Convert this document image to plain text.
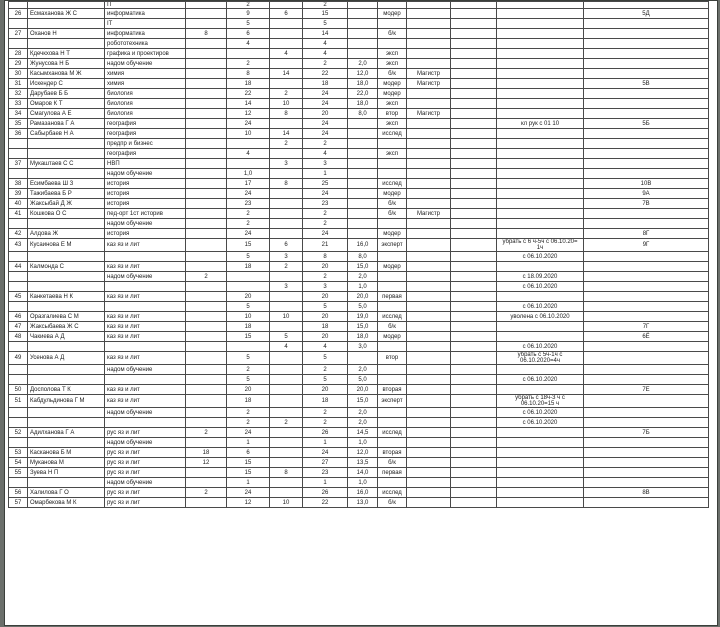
		IT		2		2						
26	Есмаханова Ж С	информатика		9	6	15		модер				5Д
		IT		5		5						
27	Оханов Н	информатика	8	6		14		б/к				
		робототехника		4		4						
28	Кдечкхова Н Т	графика и проектиров			4	4		эксп				
29	Жунусова Н Б	надом обучение		2		2	2,0	эксп				
30	Касымханова М Ж	химия		8	14	22	12,0	б/к	Магистр			
31	Искендер С	химия		18		18	18,0	модер	Магистр			5В
32	Дарубаев Б Б	биология		22	2	24	22,0	модер				
33	Омаров К Т	биология		14	10	24	18,0	эксп				
34	Смагулова А Е	биология		12	8	20	8,0	втор	Магистр			
35	Рамазанова Г А	география		24		24		эксп			кл рук с 01 10	5Б
36	Сабырбаев Н А	география		10	14	24		исслед				
		предпр и бизнес			2	2						
		география		4		4		эксп				
37	Мукаштаев С С	НВП			3	3						
		надом обучение		1,0		1						
38	Есимбаева Ш З	история		17	8	25		исслед				10В
39	Тажибаева Б Р	история		24		24		модер				9А
40	Жаксыбай Д Ж	история		23		23		б/к				7В
41	Кошкова О С	пед-орт 1ст историв		2		2		б/к	Магистр			
		надом обучение		2		2						
42	Алдова Ж	история		24		24		модер				8Г
43	Кусаинова Е М	каз яз и лит		15	6	21	16,0	эксперт			убрать с 6 ч-5ч с 06.10.20= 1ч	9Г
				5	3	8	8,0				с 06.10.2020	
44	Калмонда С	каз яз и лит		18	2	20	15,0	модер				
		надом обучение	2			2	2,0				с 18.09.2020	
					3	3	1,0				с 06.10.2020	
45	Канкетаева Н К	каз яз и лит		20		20	20,0	первая				
				5		5	5,0				с 06.10.2020	
46	Оразгалиева С М	каз яз и лит		10	10	20	19,0	исслед			уволена с 06.10.2020	
47	Жаксыбаева Ж С	каз яз и лит		18		18	15,0	б/к				7Г
48	Чакиева А Д	каз яз и лит		15	5	20	18,0	модер				6Ё
					4	4	3,0				с 06.10.2020	
49	Усенова А Д	каз яз и лит		5		5		втор			убрать с 5ч-1ч с 06.10.2020=4ч	
		надом обучение		2		2	2,0					
				5		5	5,0				с 06.10.2020	
50	Досполова Т К	каз яз и лит		20		20	20,0	вторая				7Е
51	Кабдульдинова Г М	каз яз и лит		18		18	15,0	эксперт			убрать с 18ч-3 ч с 06.10.20=15 ч	
		надом обучение		2		2	2,0				с 06.10.2020	
				2	2	2	2,0				с 06.10.2020	
52	Адилханова Г А	рус яз и лит	2	24		26	14,5	исслед				7Б
		надом обучение		1		1	1,0					
53	Касканова Б М	рус яз и лит	18	6		24	12,0	вторая				
54	Муканова М	рус яз и лит	12	15		27	13,5	б/к				
55	Зуева Н П	рус яз и лит		15	8	23	14,0	первая				
		надом обучение		1		1	1,0					
56	Халилова Г О	рус яз и лит	2	24		26	16,0	исслед				8В
57	Омарбекова М К	рус яз и лит		12	10	22	13,0	б/к				
